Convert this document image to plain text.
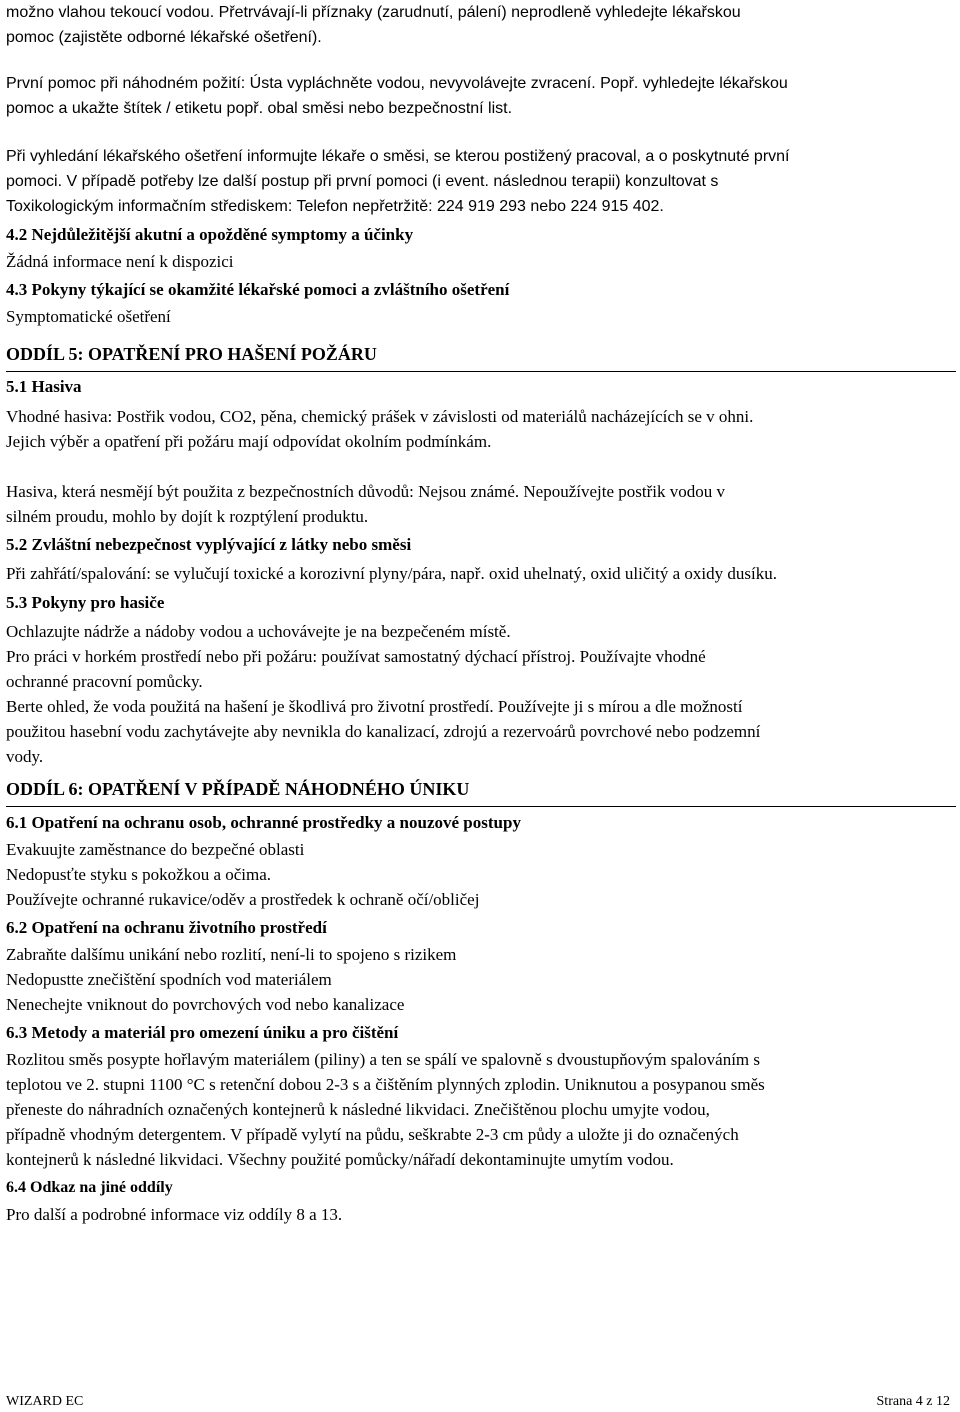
možno vlahou tekoucí vodou. Přetrvávají-li příznaky (zarudnutí, pálení) neprodleně vyhledejte lékařskou

pomoc (zajistěte odborné lékařské ošetření).

První pomoc při náhodném požití: Ústa vypláchněte vodou, nevyvolávejte zvracení. Popř. vyhledejte lékařskou

pomoc a ukažte štítek / etiketu popř. obal směsi nebo bezpečnostní list.

Při vyhledání lékařského ošetření informujte lékaře o směsi, se kterou postižený pracoval, a o poskytnuté první

pomoci. V případě potřeby lze další postup při první pomoci (i event. následnou terapii) konzultovat s

Toxikologickým informačním střediskem: Telefon nepřetržitě: 224 919 293 nebo 224 915 402.

4.2 Nejdůležitější akutní a opožděné symptomy a účinky

Žádná informace není k dispozici

4.3 Pokyny týkající se okamžité lékařské pomoci a zvláštního ošetření

Symptomatické ošetření

ODDÍL 5: OPATŘENÍ PRO HAŠENÍ POŽÁRU

5.1 Hasiva

Vhodné hasiva: Postřik vodou, CO2, pěna, chemický prášek v závislosti od materiálů nacházejících se v ohni.

Jejich výběr a opatření při požáru mají odpovídat okolním podmínkám.

Hasiva, která nesmějí být použita z bezpečnostních důvodů: Nejsou známé. Nepoužívejte postřik vodou v

silném proudu, mohlo by dojít k rozptýlení produktu.

5.2 Zvláštní nebezpečnost vyplývající z látky nebo směsi

Při zahřátí/spalování: se vylučují toxické a korozivní plyny/pára, např. oxid uhelnatý, oxid uličitý a oxidy dusíku.

5.3 Pokyny pro hasiče

Ochlazujte nádrže a nádoby vodou a uchovávejte je na bezpečeném místě.

Pro práci v horkém prostředí nebo při požáru: používat samostatný dýchací přístroj. Používajte vhodné

ochranné pracovní pomůcky.

Berte ohled, že voda použitá na hašení je škodlivá pro životní prostředí. Používejte ji s mírou a dle možností

použitou hasební vodu zachytávejte aby nevnikla do kanalizací, zdrojú a rezervoárů povrchové nebo podzemní

vody.

ODDÍL 6: OPATŘENÍ V PŘÍPADĚ NÁHODNÉHO ÚNIKU

6.1 Opatření na ochranu osob, ochranné prostředky a nouzové postupy

Evakuujte zaměstnance do bezpečné oblasti

Nedopusťte styku s pokožkou a očima.

Používejte ochranné rukavice/oděv a prostředek k ochraně očí/obličej

6.2 Opatření na ochranu životního prostředí

Zabraňte dalšímu unikání nebo rozlití, není-li to spojeno s rizikem

Nedopustte znečištění spodních vod materiálem

Nenechejte vniknout do povrchových vod nebo kanalizace

6.3 Metody a materiál pro omezení úniku a pro čištění

Rozlitou směs posypte hořlavým materiálem (piliny) a ten se spálí ve spalovně s dvoustupňovým spalováním s

teplotou ve 2. stupni 1100 °C s retenční dobou 2-3 s a čištěním plynných zplodin. Uniknutou a posypanou směs

přeneste do náhradních označených kontejnerů k následné likvidaci. Znečištěnou plochu umyjte vodou,

případně vhodným detergentem. V případě vylytí na půdu, seškrabte 2-3 cm půdy a uložte ji do označených

kontejnerů k následné likvidaci. Všechny použité pomůcky/nářadí dekontaminujte umytím vodou.

6.4 Odkaz na jiné oddíly

Pro další a podrobné informace viz oddíly 8 a 13.

WIZARD EC	Strana 4 z 12
